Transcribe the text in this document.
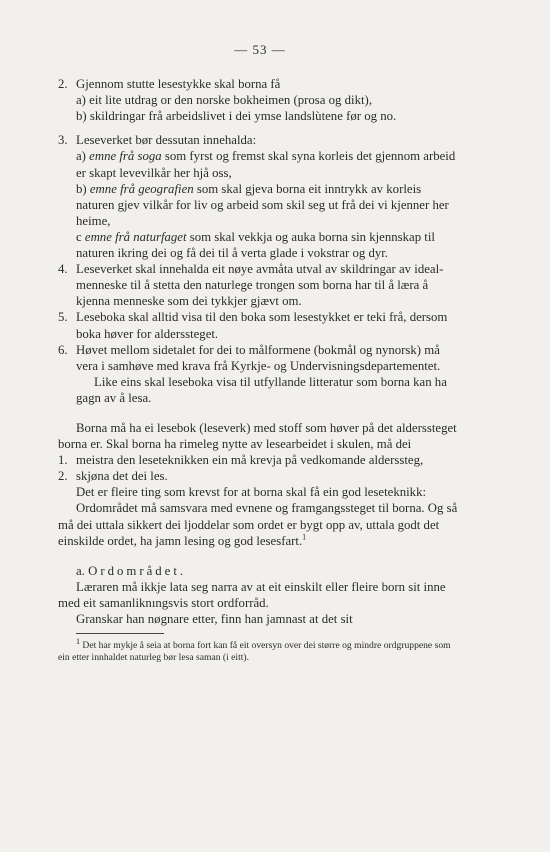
— 53 —
2. Gjennom stutte lesestykke skal borna få
a) eit lite utdrag or den norske bokheimen (prosa og dikt),
b) skildringar frå arbeidslivet i dei ymse landslùtene før og no.
3. Leseverket bør dessutan innehalda:
a) emne frå soga som fyrst og fremst skal syna korleis det gjennom arbeid er skapt levevilkår her hjå oss,
b) emne frå geografien som skal gjeva borna eit inntrykk av korleis naturen gjev vilkår for liv og arbeid som skil seg ut frå dei vi kjenner her heime,
c emne frå naturfaget som skal vekkja og auka borna sin kjennskap til naturen ikring dei og få dei til å verta glade i vokstrar og dyr.
4. Leseverket skal innehalda eit nøye avmåta utval av skildringar av ideal-menneske til å stetta den naturlege trongen som borna har til å læra å kjenna menneske som dei tykkjer gjævt om.
5. Leseboka skal alltid visa til den boka som lesestykket er teki frå, dersom boka høver for alderssteget.
6. Høvet mellom sidetalet for dei to målformene (bokmål og nynorsk) må vera i samhøve med krava frå Kyrkje- og Undervisningsdepartementet.
Like eins skal leseboka visa til utfyllande litteratur som borna kan ha gagn av å lesa.
Borna må ha ei lesebok (leseverk) med stoff som høver på det alderssteget borna er. Skal borna ha rimeleg nytte av lesearbeidet i skulen, må dei
1. meistra den leseteknikken ein må krevja på vedkomande alderssteg,
2. skjøna det dei les.
Det er fleire ting som krevst for at borna skal få ein god leseteknikk:
Ordområdet må samsvara med evnene og framgangssteget til borna. Og så må dei uttala sikkert dei ljoddelar som ordet er bygt opp av, uttala godt det einskilde ordet, ha jamn lesing og god lesesfart.$^1$
a. Ordområdet.
Læraren må ikkje lata seg narra av at eit einskilt eller fleire born sit inne med eit samanliknıngsvis stort ordforråd.
Granskar han nøgnare etter, finn han jamnast at det sit
$^1$ Det har mykje å seia at borna fort kan få eit oversyn over dei større og mindre ordgruppene som ein etter innhaldet naturleg bør lesa saman (i eitt).
